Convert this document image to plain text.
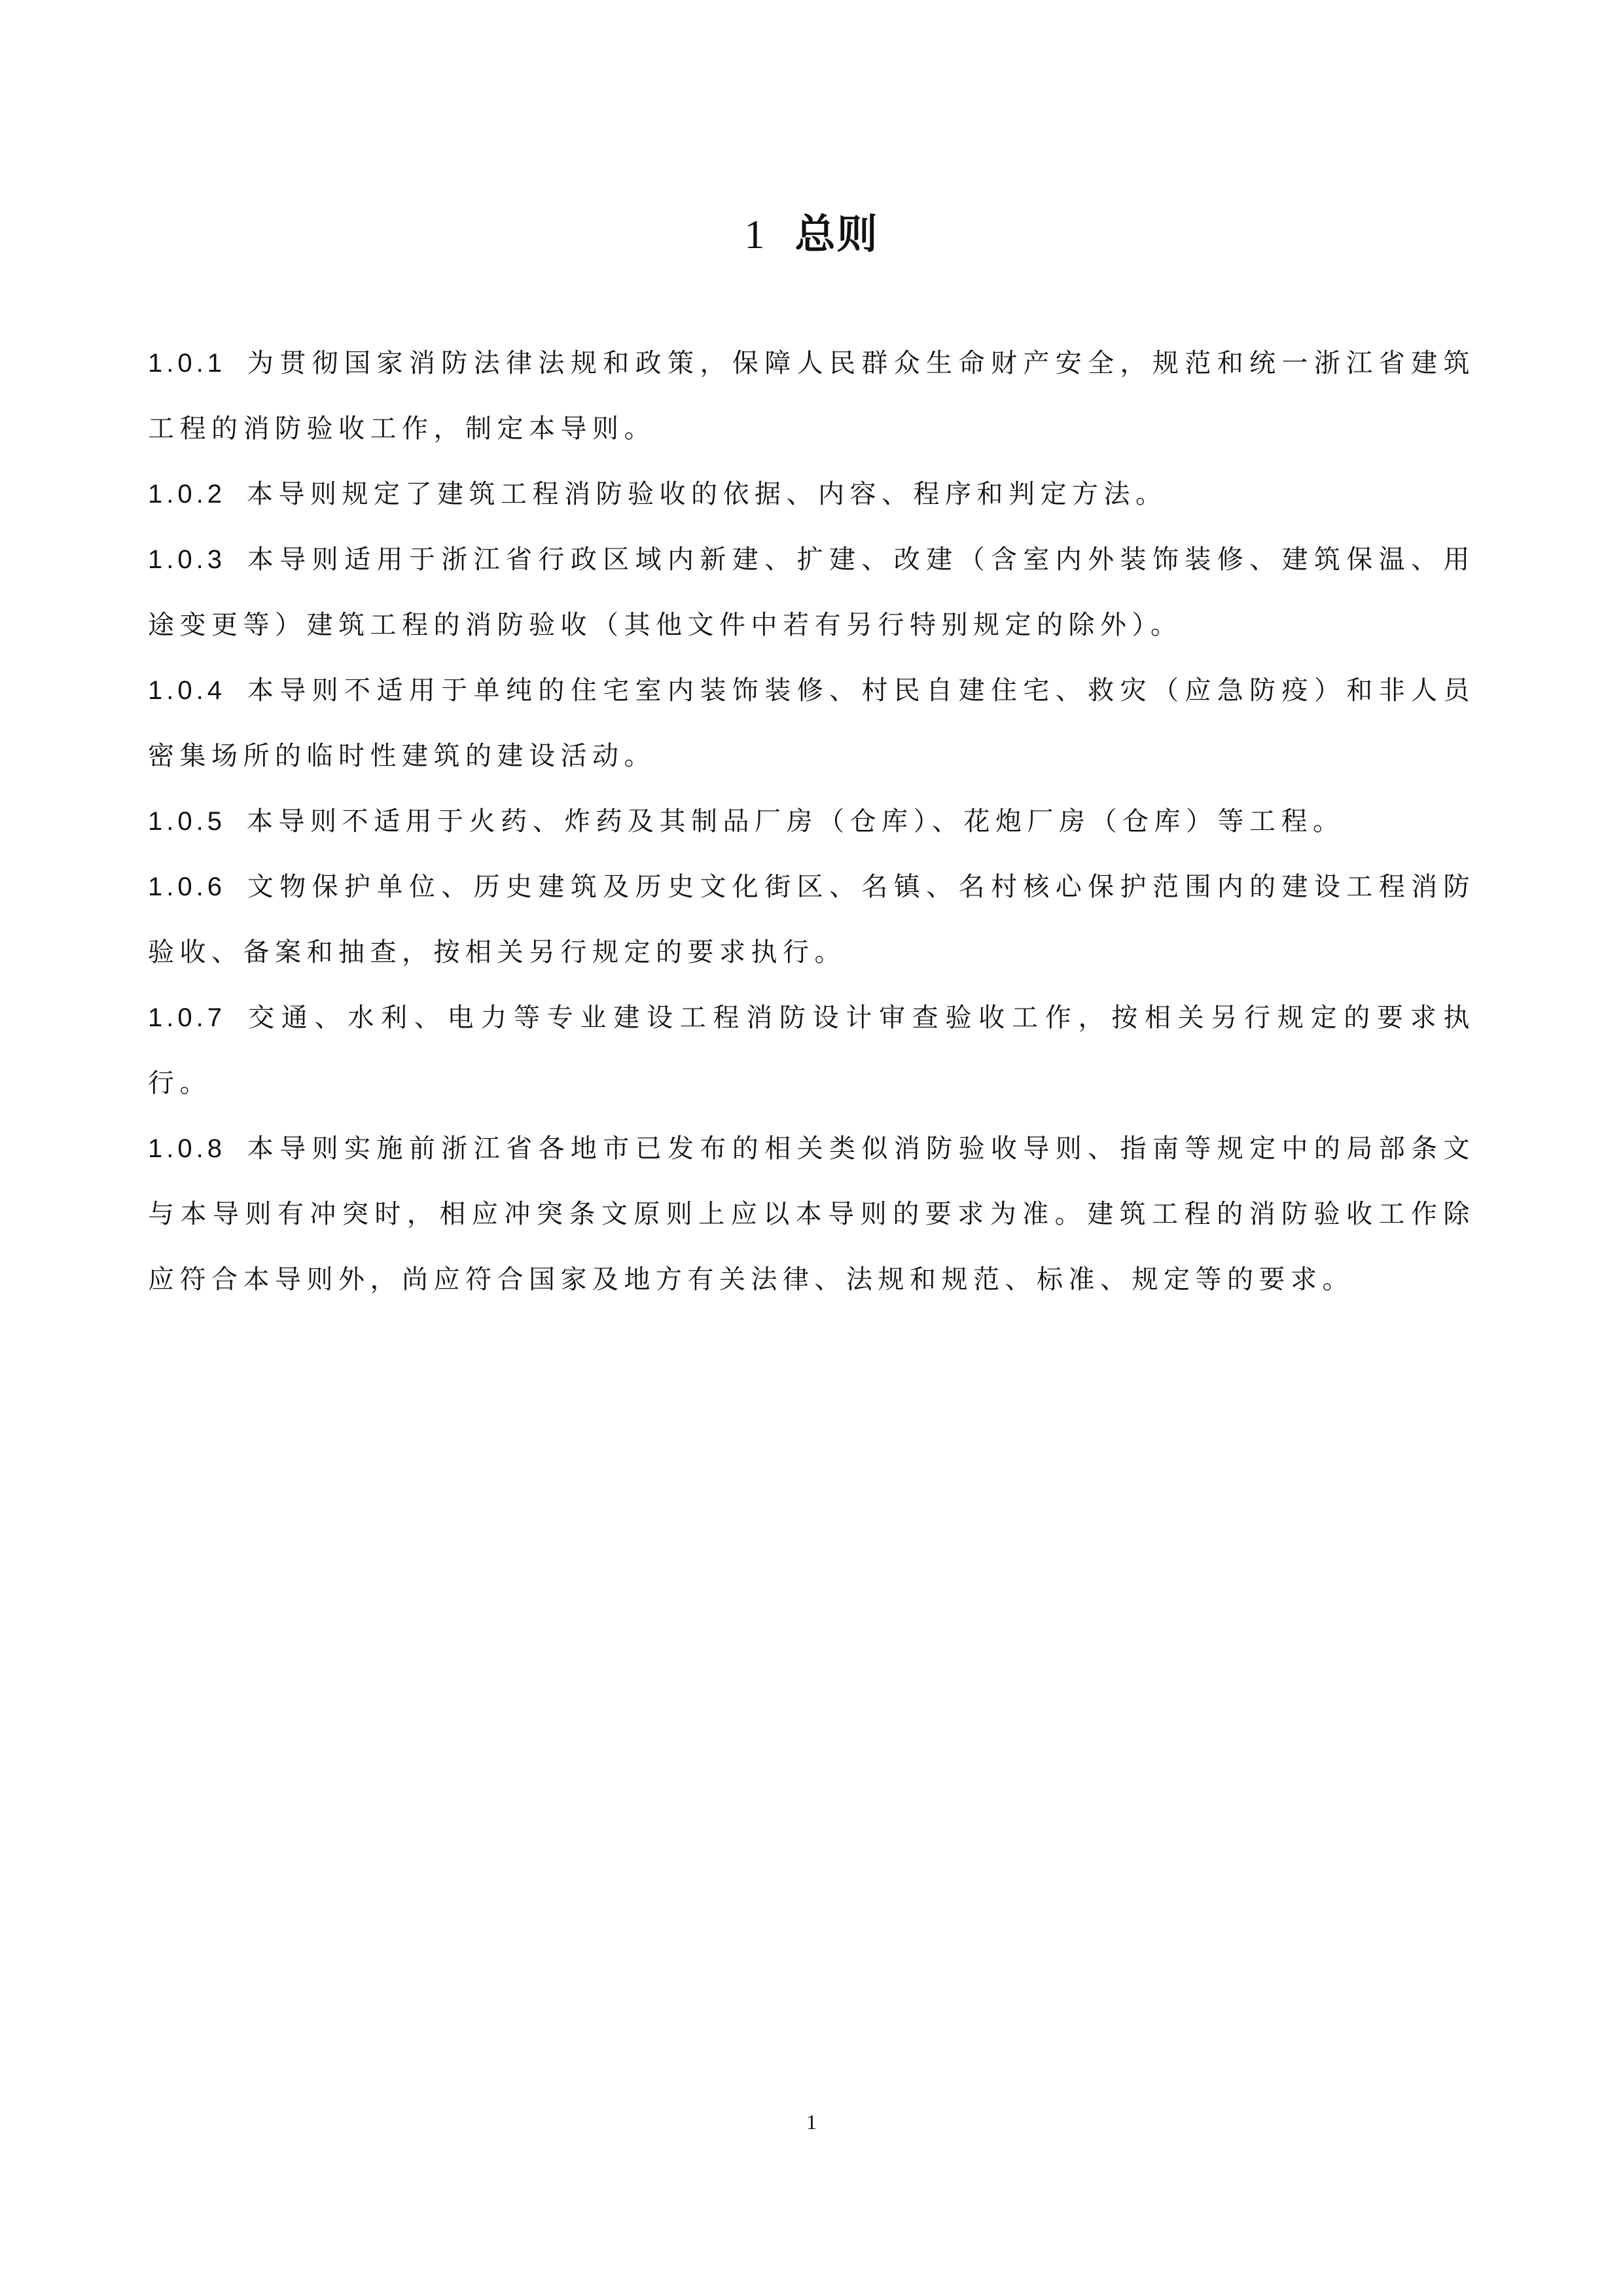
1 总则

1.0.1 为贯彻国家消防法律法规和政策，保障人民群众生命财产安全，规范和统一浙江省建筑工程的消防验收工作，制定本导则。

1.0.2 本导则规定了建筑工程消防验收的依据、内容、程序和判定方法。

1.0.3 本导则适用于浙江省行政区域内新建、扩建、改建（含室内外装饰装修、建筑保温、用途变更等）建筑工程的消防验收（其他文件中若有另行特别规定的除外）。

1.0.4 本导则不适用于单纯的住宅室内装饰装修、村民自建住宅、救灾（应急防疫）和非人员密集场所的临时性建筑的建设活动。

1.0.5 本导则不适用于火药、炸药及其制品厂房（仓库）、花炮厂房（仓库）等工程。

1.0.6 文物保护单位、历史建筑及历史文化街区、名镇、名村核心保护范围内的建设工程消防验收、备案和抽查，按相关另行规定的要求执行。

1.0.7 交通、水利、电力等专业建设工程消防设计审查验收工作，按相关另行规定的要求执行。

1.0.8 本导则实施前浙江省各地市已发布的相关类似消防验收导则、指南等规定中的局部条文与本导则有冲突时，相应冲突条文原则上应以本导则的要求为准。建筑工程的消防验收工作除应符合本导则外，尚应符合国家及地方有关法律、法规和规范、标准、规定等的要求。

1
